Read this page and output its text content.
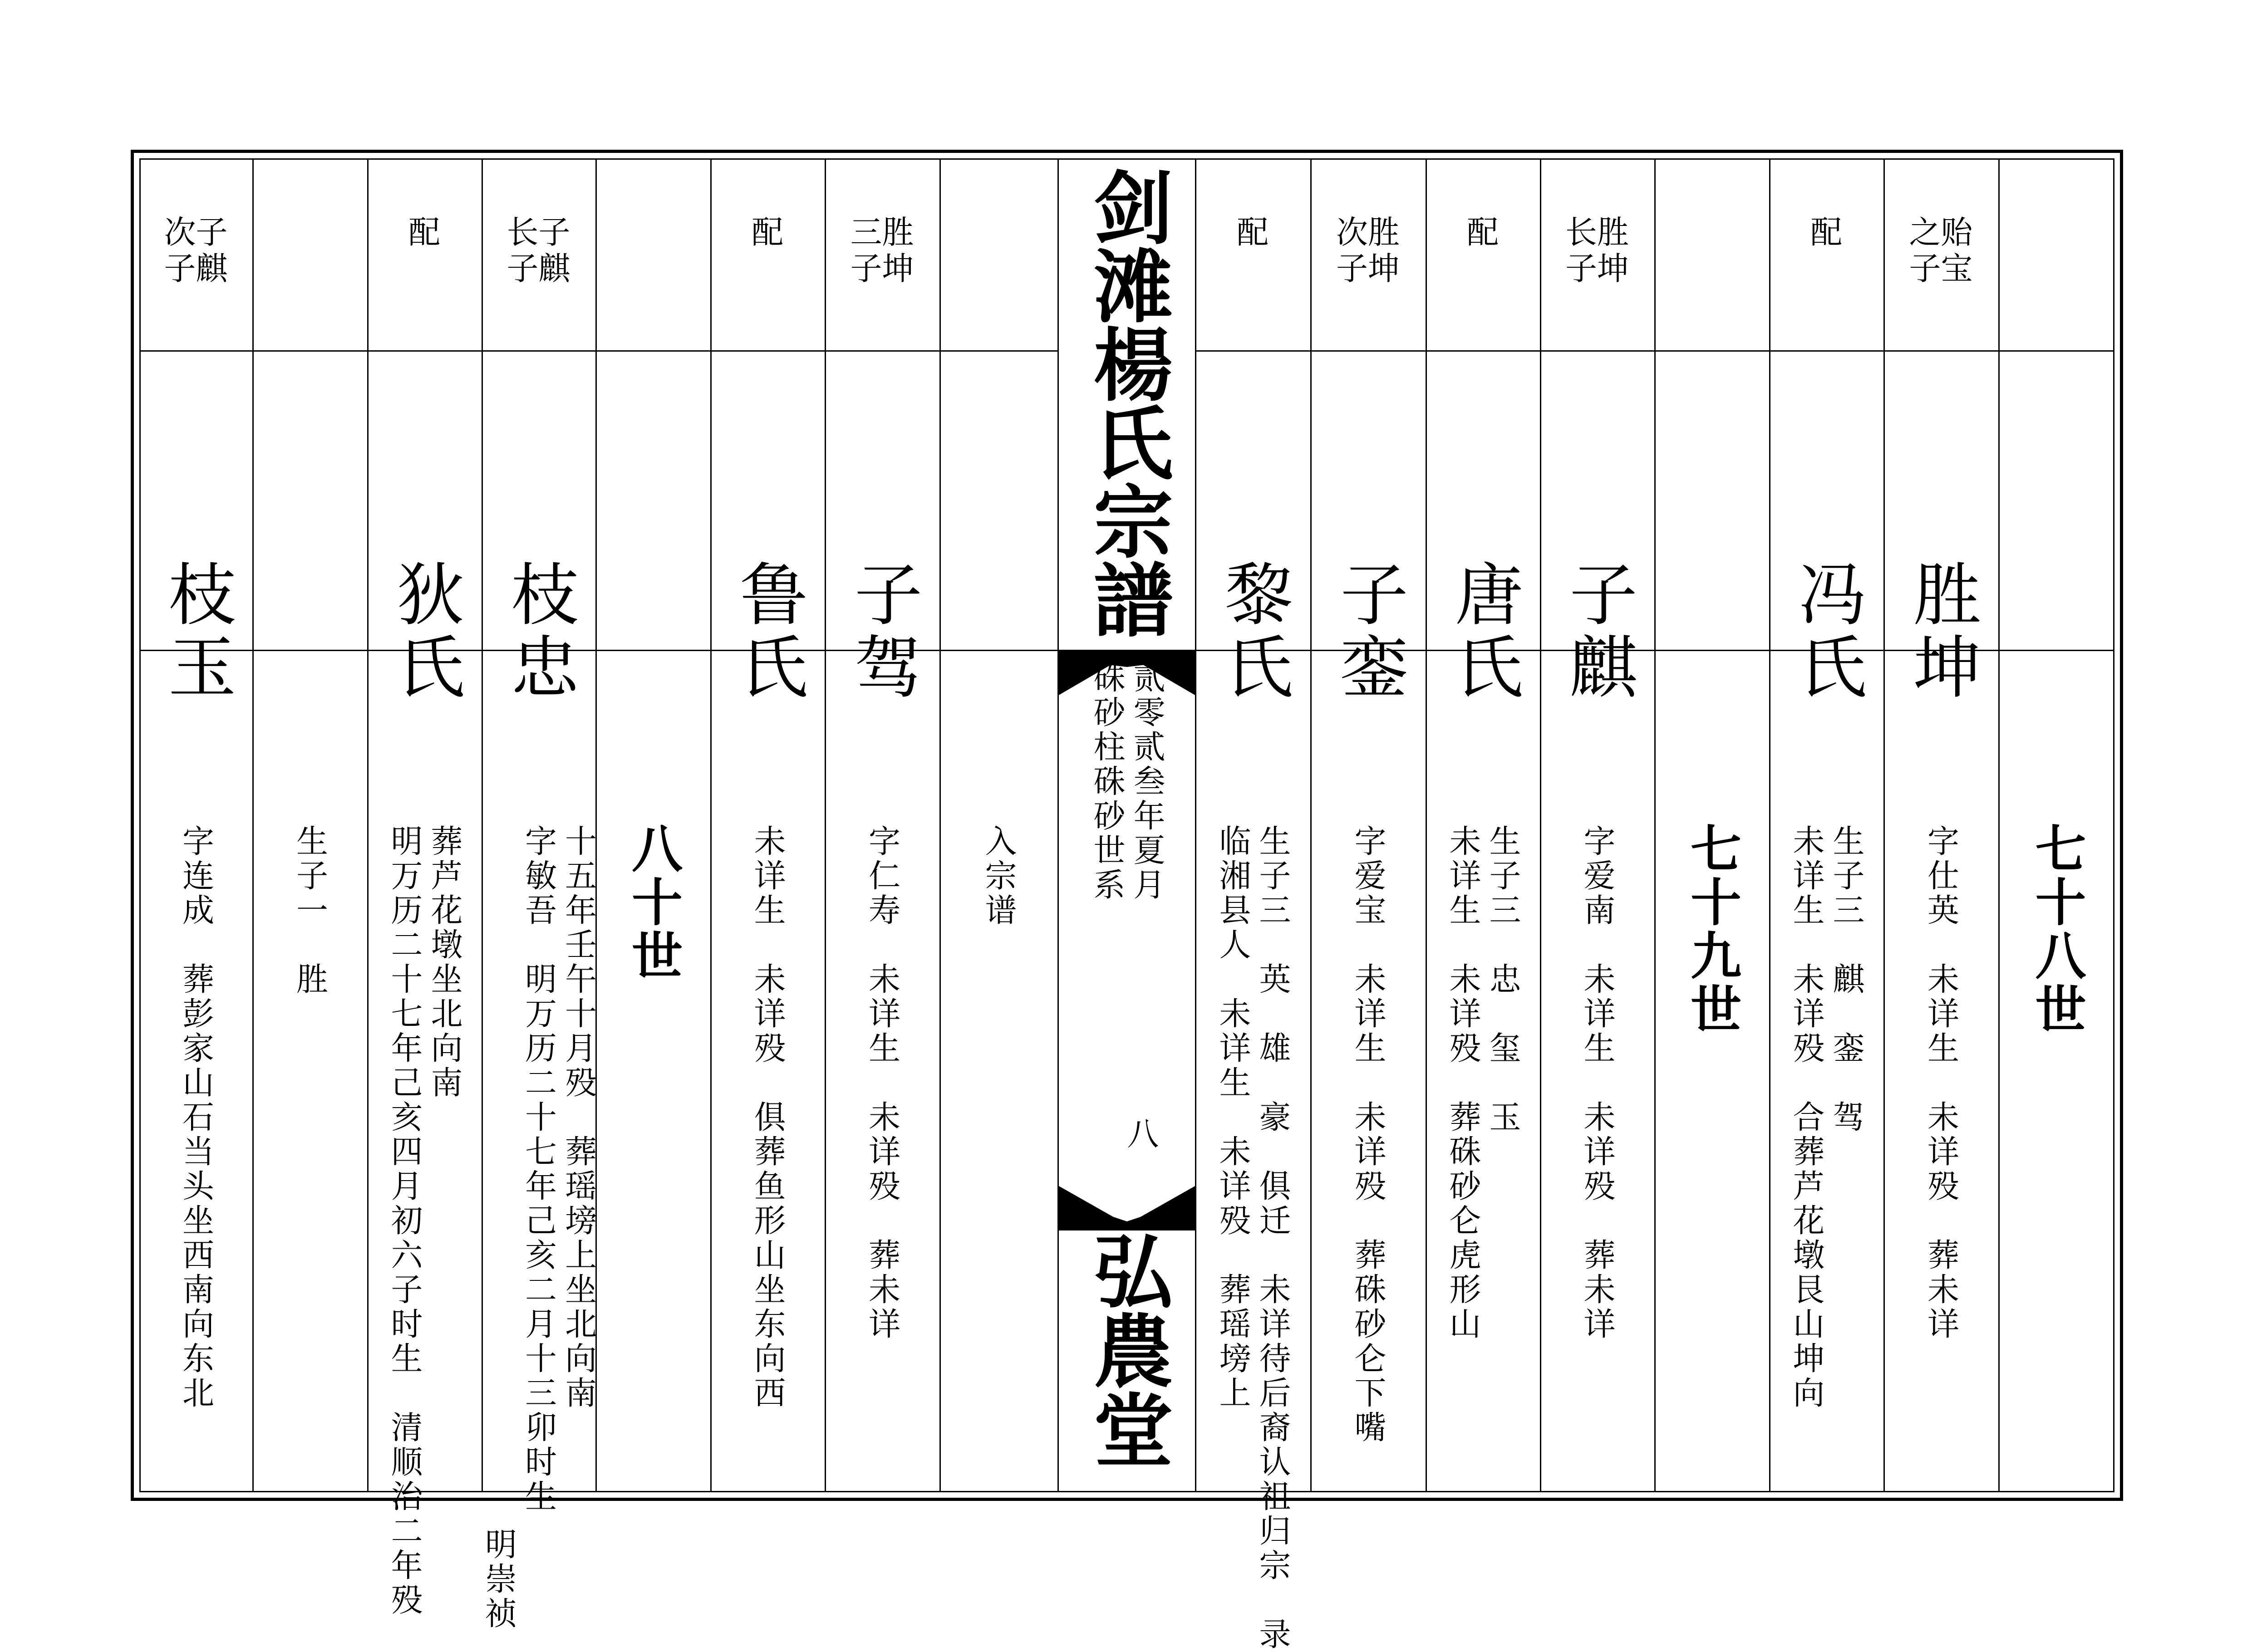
剑滩楊氏宗譜
硃砂柱硃砂世系 贰零贰叁年夏月
八
弘農堂
次子
子麒
枝玉
字连成　葬彭家山石当头坐西南向东北 生子一　胜
配
狄氏
明万历二十七年己亥四月初六子时生　清顺治二年殁 葬芦花墩坐北向南
长子
子麒
枝忠
明崇祯
字敏吾　明万历二十七年己亥二月十三卯时生 十五年壬午十月殁　葬瑶塝上坐北向南 八十世
配
鲁氏
未详生　未详殁　俱葬鱼形山坐东向西
三胜
子坤
子驾
字仁寿　未详生　未详殁　葬未详 入宗谱
配
黎氏
临湘县人　未详生　未详殁　葬瑶塝上 生子三　英　雄　豪　俱迁　未详待后裔认祖归宗　录
次胜
子坤
子銮
字爱宝　未详生　未详殁　葬硃砂仑下嘴
配
唐氏
未详生　未详殁　葬硃砂仑虎形山 生子三　忠　玺　玉
长胜
子坤
子麒
字爱南　未详生　未详殁　葬未详 七十九世
配
冯氏
未详生　未详殁　合葬芦花墩艮山坤向 生子三　麒　銮　驾
之贻
子宝
胜坤
字仕英　未详生　未详殁　葬未详 七十八世
